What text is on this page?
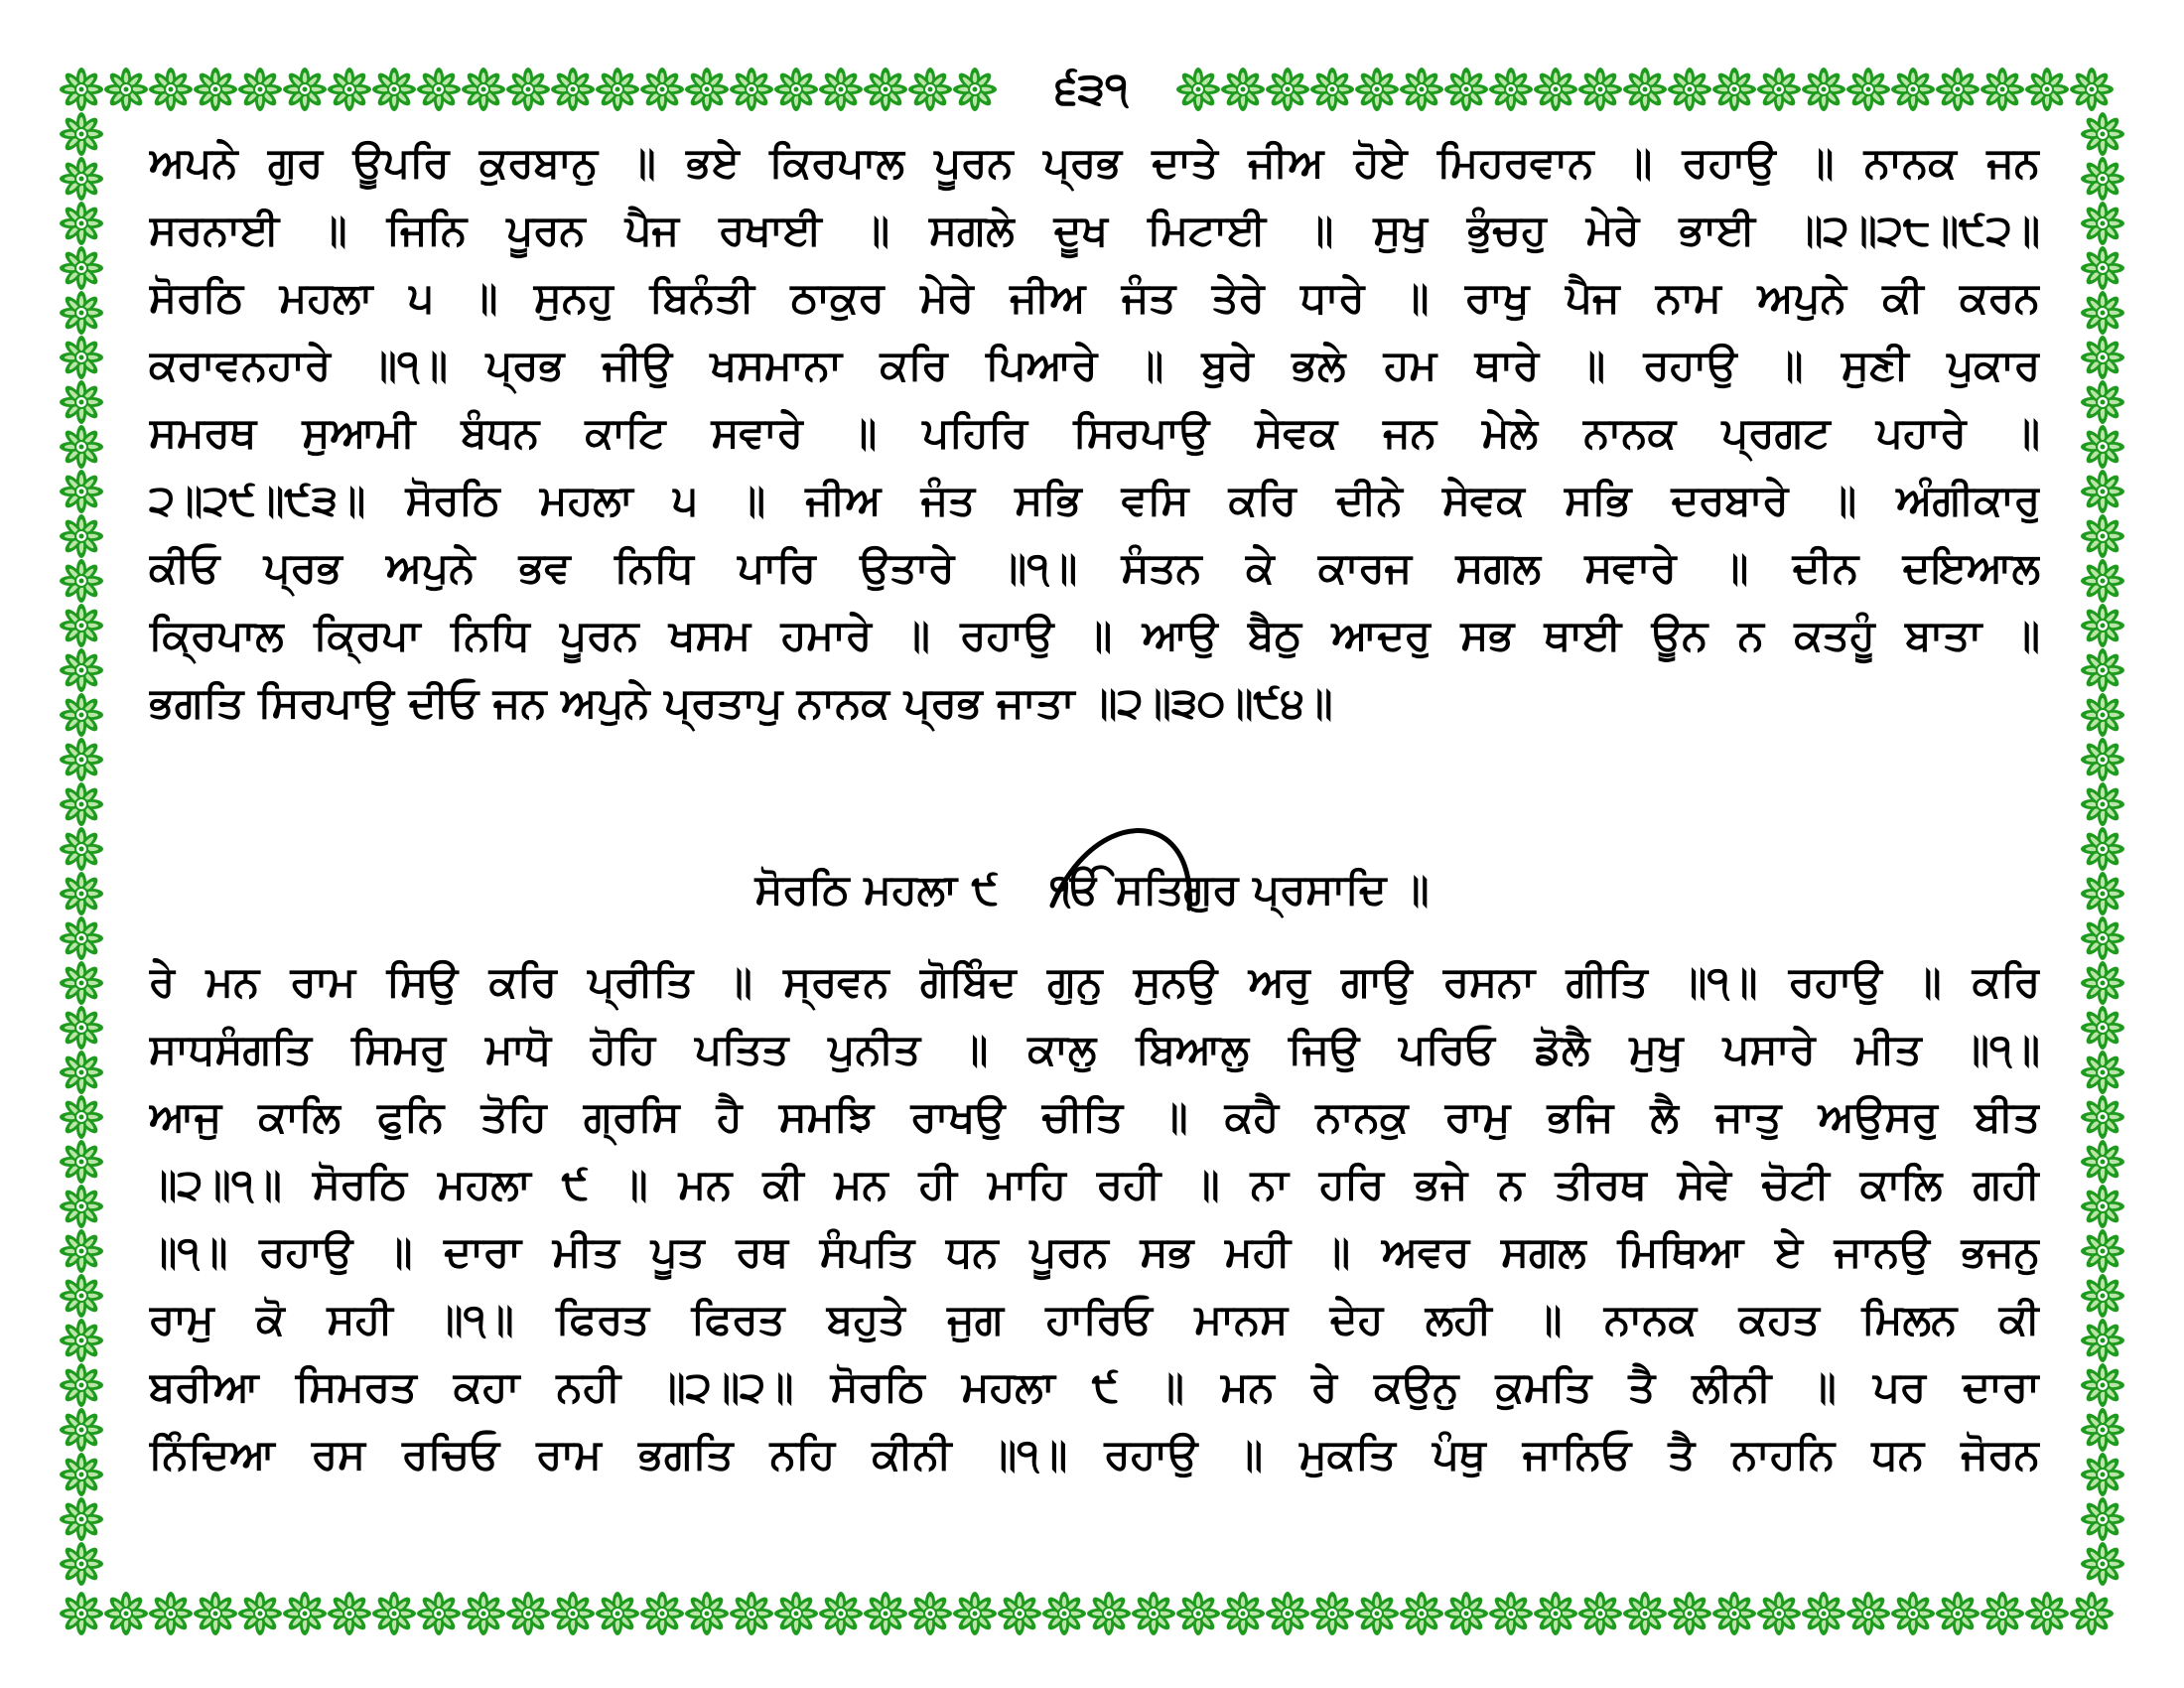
੬੩੧
ਅਪਨੇ ਗੁਰ ਊਪਰਿ ਕੁਰਬਾਨੁ ॥ ਭਏ ਕਿਰਪਾਲ ਪੂਰਨ ਪ੍ਰਭ ਦਾਤੇ ਜੀਅ ਹੋਏ ਮਿਹਰਵਾਨ ॥ ਰਹਾਉ ॥ ਨਾਨਕ ਜਨ
ਸਰਨਾਈ ॥ ਜਿਨਿ ਪੂਰਨ ਪੈਜ ਰਖਾਈ ॥ ਸਗਲੇ ਦੂਖ ਮਿਟਾਈ ॥ ਸੁਖੁ ਭੁੰਚਹੁ ਮੇਰੇ ਭਾਈ ॥੨॥੨੮॥੯੨॥
ਸੋਰਠਿ ਮਹਲਾ ੫ ॥ ਸੁਨਹੁ ਬਿਨੰਤੀ ਠਾਕੁਰ ਮੇਰੇ ਜੀਅ ਜੰਤ ਤੇਰੇ ਧਾਰੇ ॥ ਰਾਖੁ ਪੈਜ ਨਾਮ ਅਪੁਨੇ ਕੀ ਕਰਨ
ਕਰਾਵਨਹਾਰੇ ॥੧॥ ਪ੍ਰਭ ਜੀਉ ਖਸਮਾਨਾ ਕਰਿ ਪਿਆਰੇ ॥ ਬੁਰੇ ਭਲੇ ਹਮ ਥਾਰੇ ॥ ਰਹਾਉ ॥ ਸੁਣੀ ਪੁਕਾਰ
ਸਮਰਥ ਸੁਆਮੀ ਬੰਧਨ ਕਾਟਿ ਸਵਾਰੇ ॥ ਪਹਿਰਿ ਸਿਰਪਾਉ ਸੇਵਕ ਜਨ ਮੇਲੇ ਨਾਨਕ ਪ੍ਰਗਟ ਪਹਾਰੇ ॥
੨॥੨੯॥੯੩॥ ਸੋਰਠਿ ਮਹਲਾ ੫ ॥ ਜੀਅ ਜੰਤ ਸਭਿ ਵਸਿ ਕਰਿ ਦੀਨੇ ਸੇਵਕ ਸਭਿ ਦਰਬਾਰੇ ॥ ਅੰਗੀਕਾਰੁ
ਕੀਓ ਪ੍ਰਭ ਅਪੁਨੇ ਭਵ ਨਿਧਿ ਪਾਰਿ ਉਤਾਰੇ ॥੧॥ ਸੰਤਨ ਕੇ ਕਾਰਜ ਸਗਲ ਸਵਾਰੇ ॥ ਦੀਨ ਦਇਆਲ
ਕ੍ਰਿਪਾਲ ਕ੍ਰਿਪਾ ਨਿਧਿ ਪੂਰਨ ਖਸਮ ਹਮਾਰੇ ॥ ਰਹਾਉ ॥ ਆਉ ਬੈਠੁ ਆਦਰੁ ਸਭ ਥਾਈ ਊਨ ਨ ਕਤਹੂੰ ਬਾਤਾ ॥
ਭਗਤਿ ਸਿਰਪਾਉ ਦੀਓ ਜਨ ਅਪੁਨੇ ਪ੍ਰਤਾਪੁ ਨਾਨਕ ਪ੍ਰਭ ਜਾਤਾ ॥੨॥੩੦॥੯੪॥
ਸੋਰਠਿ ਮਹਲਾ ੯ ੴ ਸਤਿਗੁਰ ਪ੍ਰਸਾਦਿ ॥
ਰੇ ਮਨ ਰਾਮ ਸਿਉ ਕਰਿ ਪ੍ਰੀਤਿ ॥ ਸ੍ਰਵਨ ਗੋਬਿੰਦ ਗੁਨੁ ਸੁਨਉ ਅਰੁ ਗਾਉ ਰਸਨਾ ਗੀਤਿ ॥੧॥ ਰਹਾਉ ॥ ਕਰਿ
ਸਾਧਸੰਗਤਿ ਸਿਮਰੁ ਮਾਧੋ ਹੋਹਿ ਪਤਿਤ ਪੁਨੀਤ ॥ ਕਾਲੁ ਬਿਆਲੁ ਜਿਉ ਪਰਿਓ ਡੋਲੈ ਮੁਖੁ ਪਸਾਰੇ ਮੀਤ ॥੧॥
ਆਜੁ ਕਾਲਿ ਫੁਨਿ ਤੋਹਿ ਗ੍ਰਸਿ ਹੈ ਸਮਝਿ ਰਾਖਉ ਚੀਤਿ ॥ ਕਹੈ ਨਾਨਕੁ ਰਾਮੁ ਭਜਿ ਲੈ ਜਾਤੁ ਅਉਸਰੁ ਬੀਤ
॥੨॥੧॥ ਸੋਰਠਿ ਮਹਲਾ ੯ ॥ ਮਨ ਕੀ ਮਨ ਹੀ ਮਾਹਿ ਰਹੀ ॥ ਨਾ ਹਰਿ ਭਜੇ ਨ ਤੀਰਥ ਸੇਵੇ ਚੋਟੀ ਕਾਲਿ ਗਹੀ
॥੧॥ ਰਹਾਉ ॥ ਦਾਰਾ ਮੀਤ ਪੂਤ ਰਥ ਸੰਪਤਿ ਧਨ ਪੂਰਨ ਸਭ ਮਹੀ ॥ ਅਵਰ ਸਗਲ ਮਿਥਿਆ ਏ ਜਾਨਉ ਭਜਨੁ
ਰਾਮੁ ਕੋ ਸਹੀ ॥੧॥ ਫਿਰਤ ਫਿਰਤ ਬਹੁਤੇ ਜੁਗ ਹਾਰਿਓ ਮਾਨਸ ਦੇਹ ਲਹੀ ॥ ਨਾਨਕ ਕਹਤ ਮਿਲਨ ਕੀ
ਬਰੀਆ ਸਿਮਰਤ ਕਹਾ ਨਹੀ ॥੨॥੨॥ ਸੋਰਠਿ ਮਹਲਾ ੯ ॥ ਮਨ ਰੇ ਕਉਨੁ ਕੁਮਤਿ ਤੈ ਲੀਨੀ ॥ ਪਰ ਦਾਰਾ
ਨਿੰਦਿਆ ਰਸ ਰਚਿਓ ਰਾਮ ਭਗਤਿ ਨਹਿ ਕੀਨੀ ॥੧॥ ਰਹਾਉ ॥ ਮੁਕਤਿ ਪੰਥੁ ਜਾਨਿਓ ਤੈ ਨਾਹਨਿ ਧਨ ਜੋਰਨ
